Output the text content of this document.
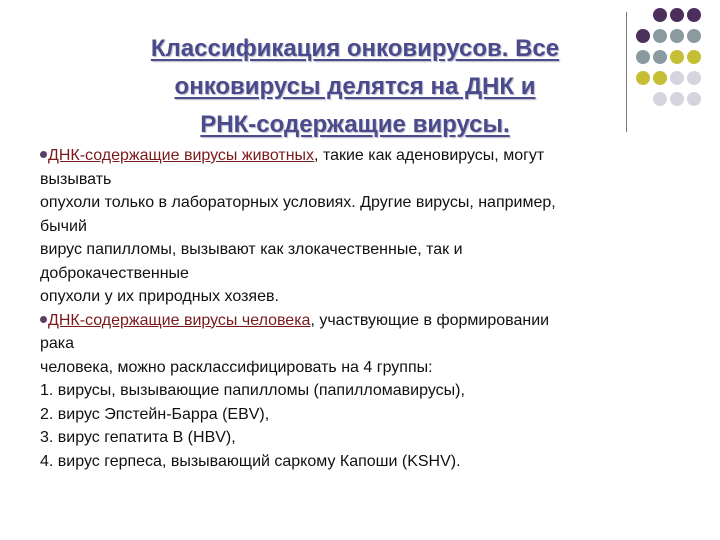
Классификация онковирусов. Все
онковирусы делятся на ДНК и
РНК-содержащие вирусы.
ДНК-содержащие вирусы животных, такие как аденовирусы, могут
вызывать
опухоли только в лабораторных условиях. Другие вирусы, например,
бычий
вирус папилломы, вызывают как злокачественные, так и
доброкачественные
опухоли у их природных хозяев.
ДНК-содержащие вирусы человека, участвующие в формировании
рака
человека, можно расклассифицировать на 4 группы:
1. вирусы, вызывающие папилломы (папилломавирусы),
2. вирус Эпстейн-Барра (EBV),
3. вирус гепатита В (HBV),
4. вирус герпеса, вызывающий саркому Капоши (KSHV).
